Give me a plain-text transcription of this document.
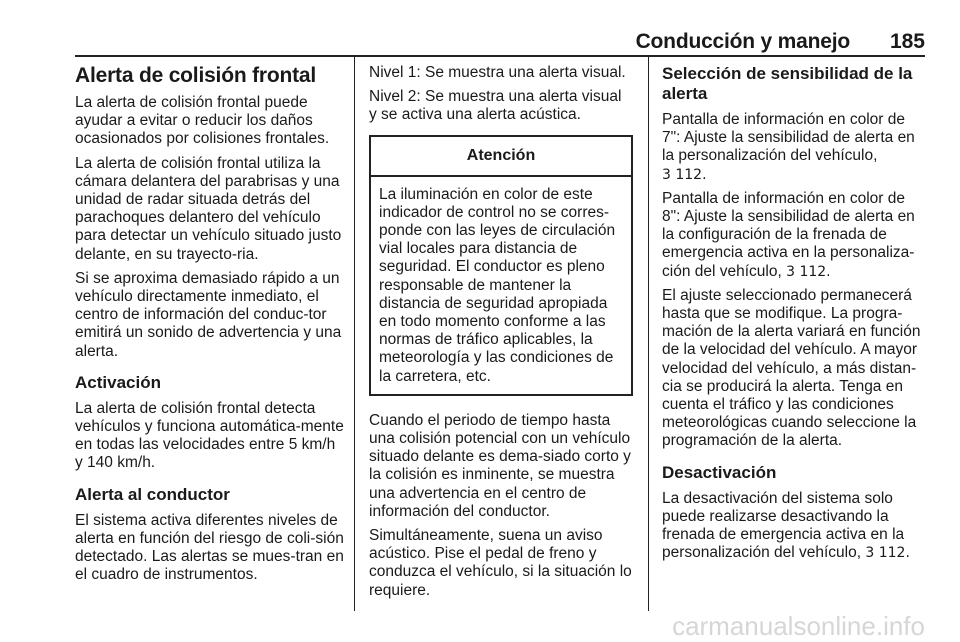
Conducción y manejo 185
Alerta de colisión frontal

La alerta de colisión frontal puede ayudar a evitar o reducir los daños ocasionados por colisiones frontales.

La alerta de colisión frontal utiliza la cámara delantera del parabrisas y una unidad de radar situada detrás del parachoques delantero del vehículo para detectar un vehículo situado justo delante, en su trayecto-ria.

Si se aproxima demasiado rápido a un vehículo directamente inmediato, el centro de información del conduc-tor emitirá un sonido de advertencia y una alerta.

Activación

La alerta de colisión frontal detecta vehículos y funciona automática-mente en todas las velocidades entre 5 km/h y 140 km/h.

Alerta al conductor

El sistema activa diferentes niveles de alerta en función del riesgo de coli-sión detectado. Las alertas se mues-tran en el cuadro de instrumentos.

Nivel 1: Se muestra una alerta visual.

Nivel 2: Se muestra una alerta visual y se activa una alerta acústica.

Atención
La iluminación en color de este indicador de control no se corres-ponde con las leyes de circulación vial locales para distancia de seguridad. El conductor es pleno responsable de mantener la distancia de seguridad apropiada en todo momento conforme a las normas de tráfico aplicables, la meteorología y las condiciones de la carretera, etc.

Cuando el periodo de tiempo hasta una colisión potencial con un vehículo situado delante es dema-siado corto y la colisión es inminente, se muestra una advertencia en el centro de información del conductor.

Simultáneamente, suena un aviso acústico. Pise el pedal de freno y conduzca el vehículo, si la situación lo requiere.

Selección de sensibilidad de la alerta

Pantalla de información en color de 7": Ajuste la sensibilidad de alerta en la personalización del vehículo,
3 112.

Pantalla de información en color de 8": Ajuste la sensibilidad de alerta en la configuración de la frenada de emergencia activa en la personaliza-ción del vehículo, 3 112.

El ajuste seleccionado permanecerá hasta que se modifique. La progra-mación de la alerta variará en función de la velocidad del vehículo. A mayor velocidad del vehículo, a más distan-cia se producirá la alerta. Tenga en cuenta el tráfico y las condiciones meteorológicas cuando seleccione la programación de la alerta.

Desactivación

La desactivación del sistema solo puede realizarse desactivando la frenada de emergencia activa en la personalización del vehículo, 3 112.

carmanualsonline.info
